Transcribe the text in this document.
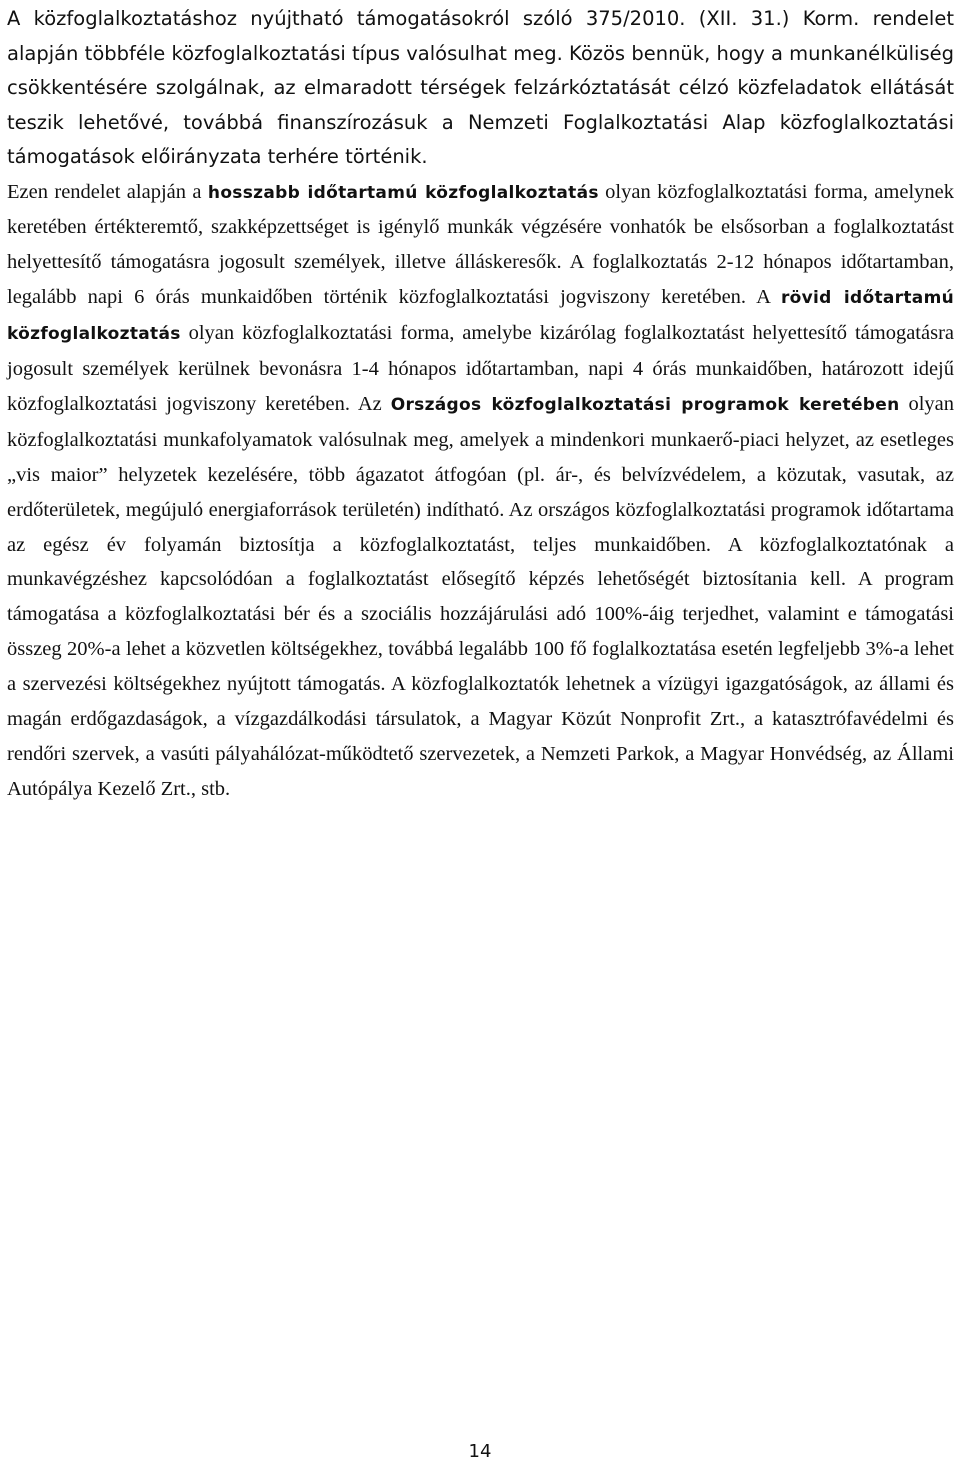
A közfoglalkoztatáshoz nyújtható támogatásokról szóló 375/2010. (XII. 31.) Korm. rendelet alapján többféle közfoglalkoztatási típus valósulhat meg. Közös bennük, hogy a munkanélküliség csökkentésére szolgálnak, az elmaradott térségek felzárkóztatását célzó közfeladatok ellátását teszik lehetővé, továbbá finanszírozásuk a Nemzeti Foglalkoztatási Alap közfoglalkoztatási támogatások előirányzata terhére történik.

Ezen rendelet alapján a hosszabb időtartamú közfoglalkoztatás olyan közfoglalkoztatási forma, amelynek keretében értékteremtő, szakképzettséget is igénylő munkák végzésére vonhatók be elsősorban a foglalkoztatást helyettesítő támogatásra jogosult személyek, illetve álláskeresők. A foglalkoztatás 2-12 hónapos időtartamban, legalább napi 6 órás munkaidőben történik közfoglalkoztatási jogviszony keretében. A rövid időtartamú közfoglalkoztatás olyan közfoglalkoztatási forma, amelybe kizárólag foglalkoztatást helyettesítő támogatásra jogosult személyek kerülnek bevonásra 1-4 hónapos időtartamban, napi 4 órás munkaidőben, határozott idejű közfoglalkoztatási jogviszony keretében. Az Országos közfoglalkoztatási programok keretében olyan közfoglalkoztatási munkafolyamatok valósulnak meg, amelyek a mindenkori munkaerő-piaci helyzet, az esetleges „vis maior” helyzetek kezelésére, több ágazatot átfogóan (pl. ár-, és belvízvédelem, a közutak, vasutak, az erdőterületek, megújuló energiaforrások területén) indítható. Az országos közfoglalkoztatási programok időtartama az egész év folyamán biztosítja a közfoglalkoztatást, teljes munkaidőben. A közfoglalkoztatónak a munkavégzéshez kapcsolódóan a foglalkoztatást elősegítő képzés lehetőségét biztosítania kell. A program támogatása a közfoglalkoztatási bér és a szociális hozzájárulási adó 100%-áig terjedhet, valamint e támogatási összeg 20%-a lehet a közvetlen költségekhez, továbbá legalább 100 fő foglalkoztatása esetén legfeljebb 3%-a lehet a szervezési költségekhez nyújtott támogatás. A közfoglalkoztatók lehetnek a vízügyi igazgatóságok, az állami és magán erdőgazdaságok, a vízgazdálkodási társulatok, a Magyar Közút Nonprofit Zrt., a katasztrófavédelmi és rendőri szervek, a vasúti pályahálózat-működtető szervezetek, a Nemzeti Parkok, a Magyar Honvédség, az Állami Autópálya Kezelő Zrt., stb.

14
